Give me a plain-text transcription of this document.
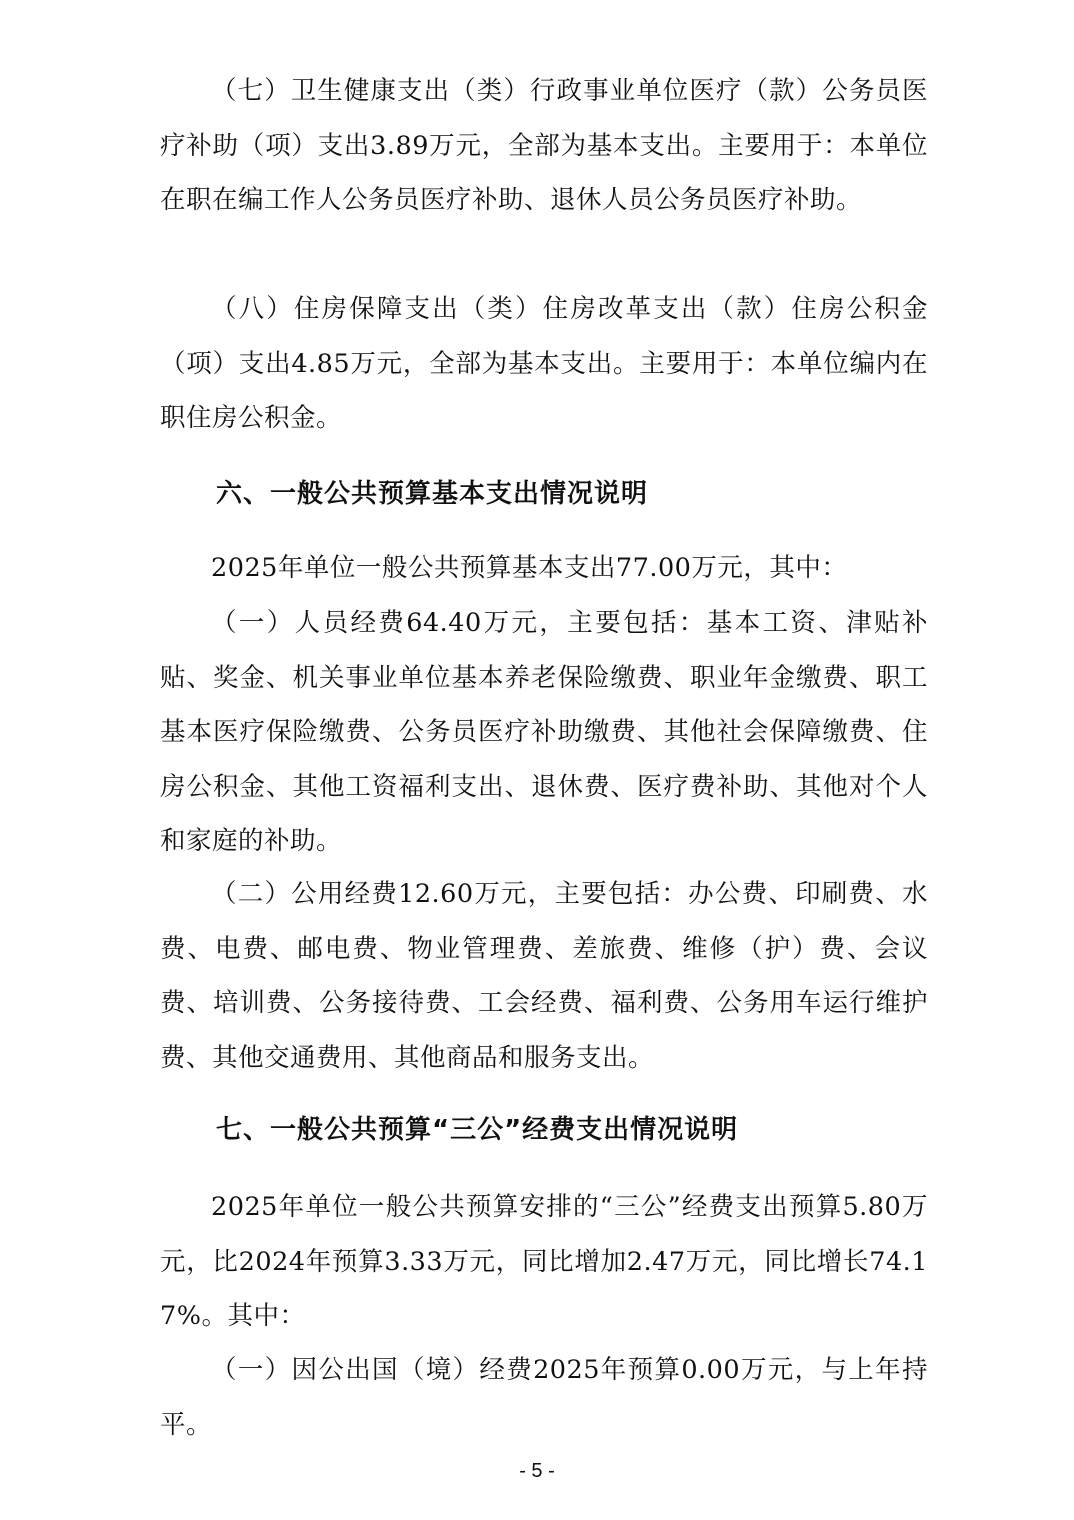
（七）卫生健康支出（类）行政事业单位医疗（款）公务员医疗补助（项）支出3.89万元，全部为基本支出。主要用于：本单位在职在编工作人公务员医疗补助、退休人员公务员医疗补助。

（八）住房保障支出（类）住房改革支出（款）住房公积金（项）支出4.85万元，全部为基本支出。主要用于：本单位编内在职住房公积金。

六、一般公共预算基本支出情况说明

2025年单位一般公共预算基本支出77.00万元，其中：

（一）人员经费64.40万元，主要包括：基本工资、津贴补贴、奖金、机关事业单位基本养老保险缴费、职业年金缴费、职工基本医疗保险缴费、公务员医疗补助缴费、其他社会保障缴费、住房公积金、其他工资福利支出、退休费、医疗费补助、其他对个人和家庭的补助。

（二）公用经费12.60万元，主要包括：办公费、印刷费、水费、电费、邮电费、物业管理费、差旅费、维修（护）费、会议费、培训费、公务接待费、工会经费、福利费、公务用车运行维护费、其他交通费用、其他商品和服务支出。

七、一般公共预算“三公”经费支出情况说明

2025年单位一般公共预算安排的“三公”经费支出预算5.80万元，比2024年预算3.33万元，同比增加2.47万元，同比增长74.17%。其中：

（一）因公出国（境）经费2025年预算0.00万元，与上年持平。

- 5 -
